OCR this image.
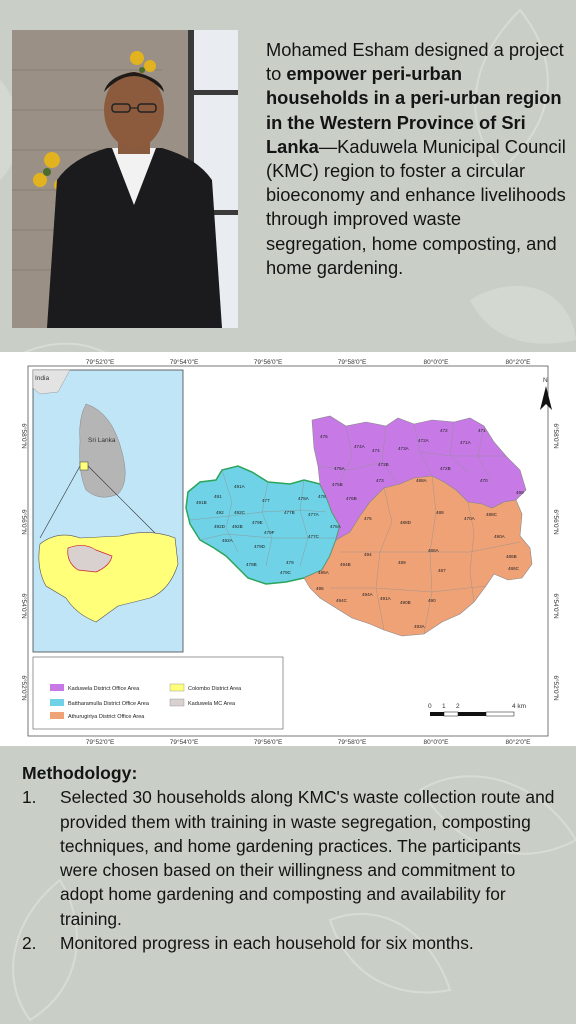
Mohamed Esham designed a project to empower peri-urban households in a peri-urban region in the Western Province of Sri Lanka—Kaduwela Municipal Council (KMC) region to foster a circular bioeconomy and enhance livelihoods through improved waste segregation, home composting, and home gardening.
79°52'0"E	79°54'0"E	79°56'0"E	79°58'0"E	80°0'0"E	80°2'0"E
79°52'0"E	79°54'0"E	79°56'0"E	79°58'0"E	80°0'0"E	80°2'0"E
6°58'0"N
6°56'0"N
6°54'0"N
6°52'0"N
6°58'0"N
6°56'0"N
6°54'0"N
6°52'0"N
India
Sri Lanka
475
474A
474	473A
473
472A
472
471A
471
472B
470
469
475A
475B
476B
476
476A
473B
470A
491A
491
491B
492 492C
477	478A 478
477B	477A
492D 492B
479E
479F
492A
479D
477C
478B	479
479C
488A
488	488C
488D
495A
494B
494
489
487
486A
486B
495
494C
494A
491A
490B
490A
490
493A
486C
N
Kaduwela District Office Area
Battharamulla District Office Area
Athurugiriya District Office Area
Colombo District Area
Kaduwela MC Area	0 1 2	4 km
Methodology:
1. Selected 30 households along KMC's waste collection route and provided them with training in waste segregation, composting techniques, and home gardening practices. The participants were chosen based on their willingness and commitment to adopt home gardening and composting and availability for training.
2. Monitored progress in each household for six months.
